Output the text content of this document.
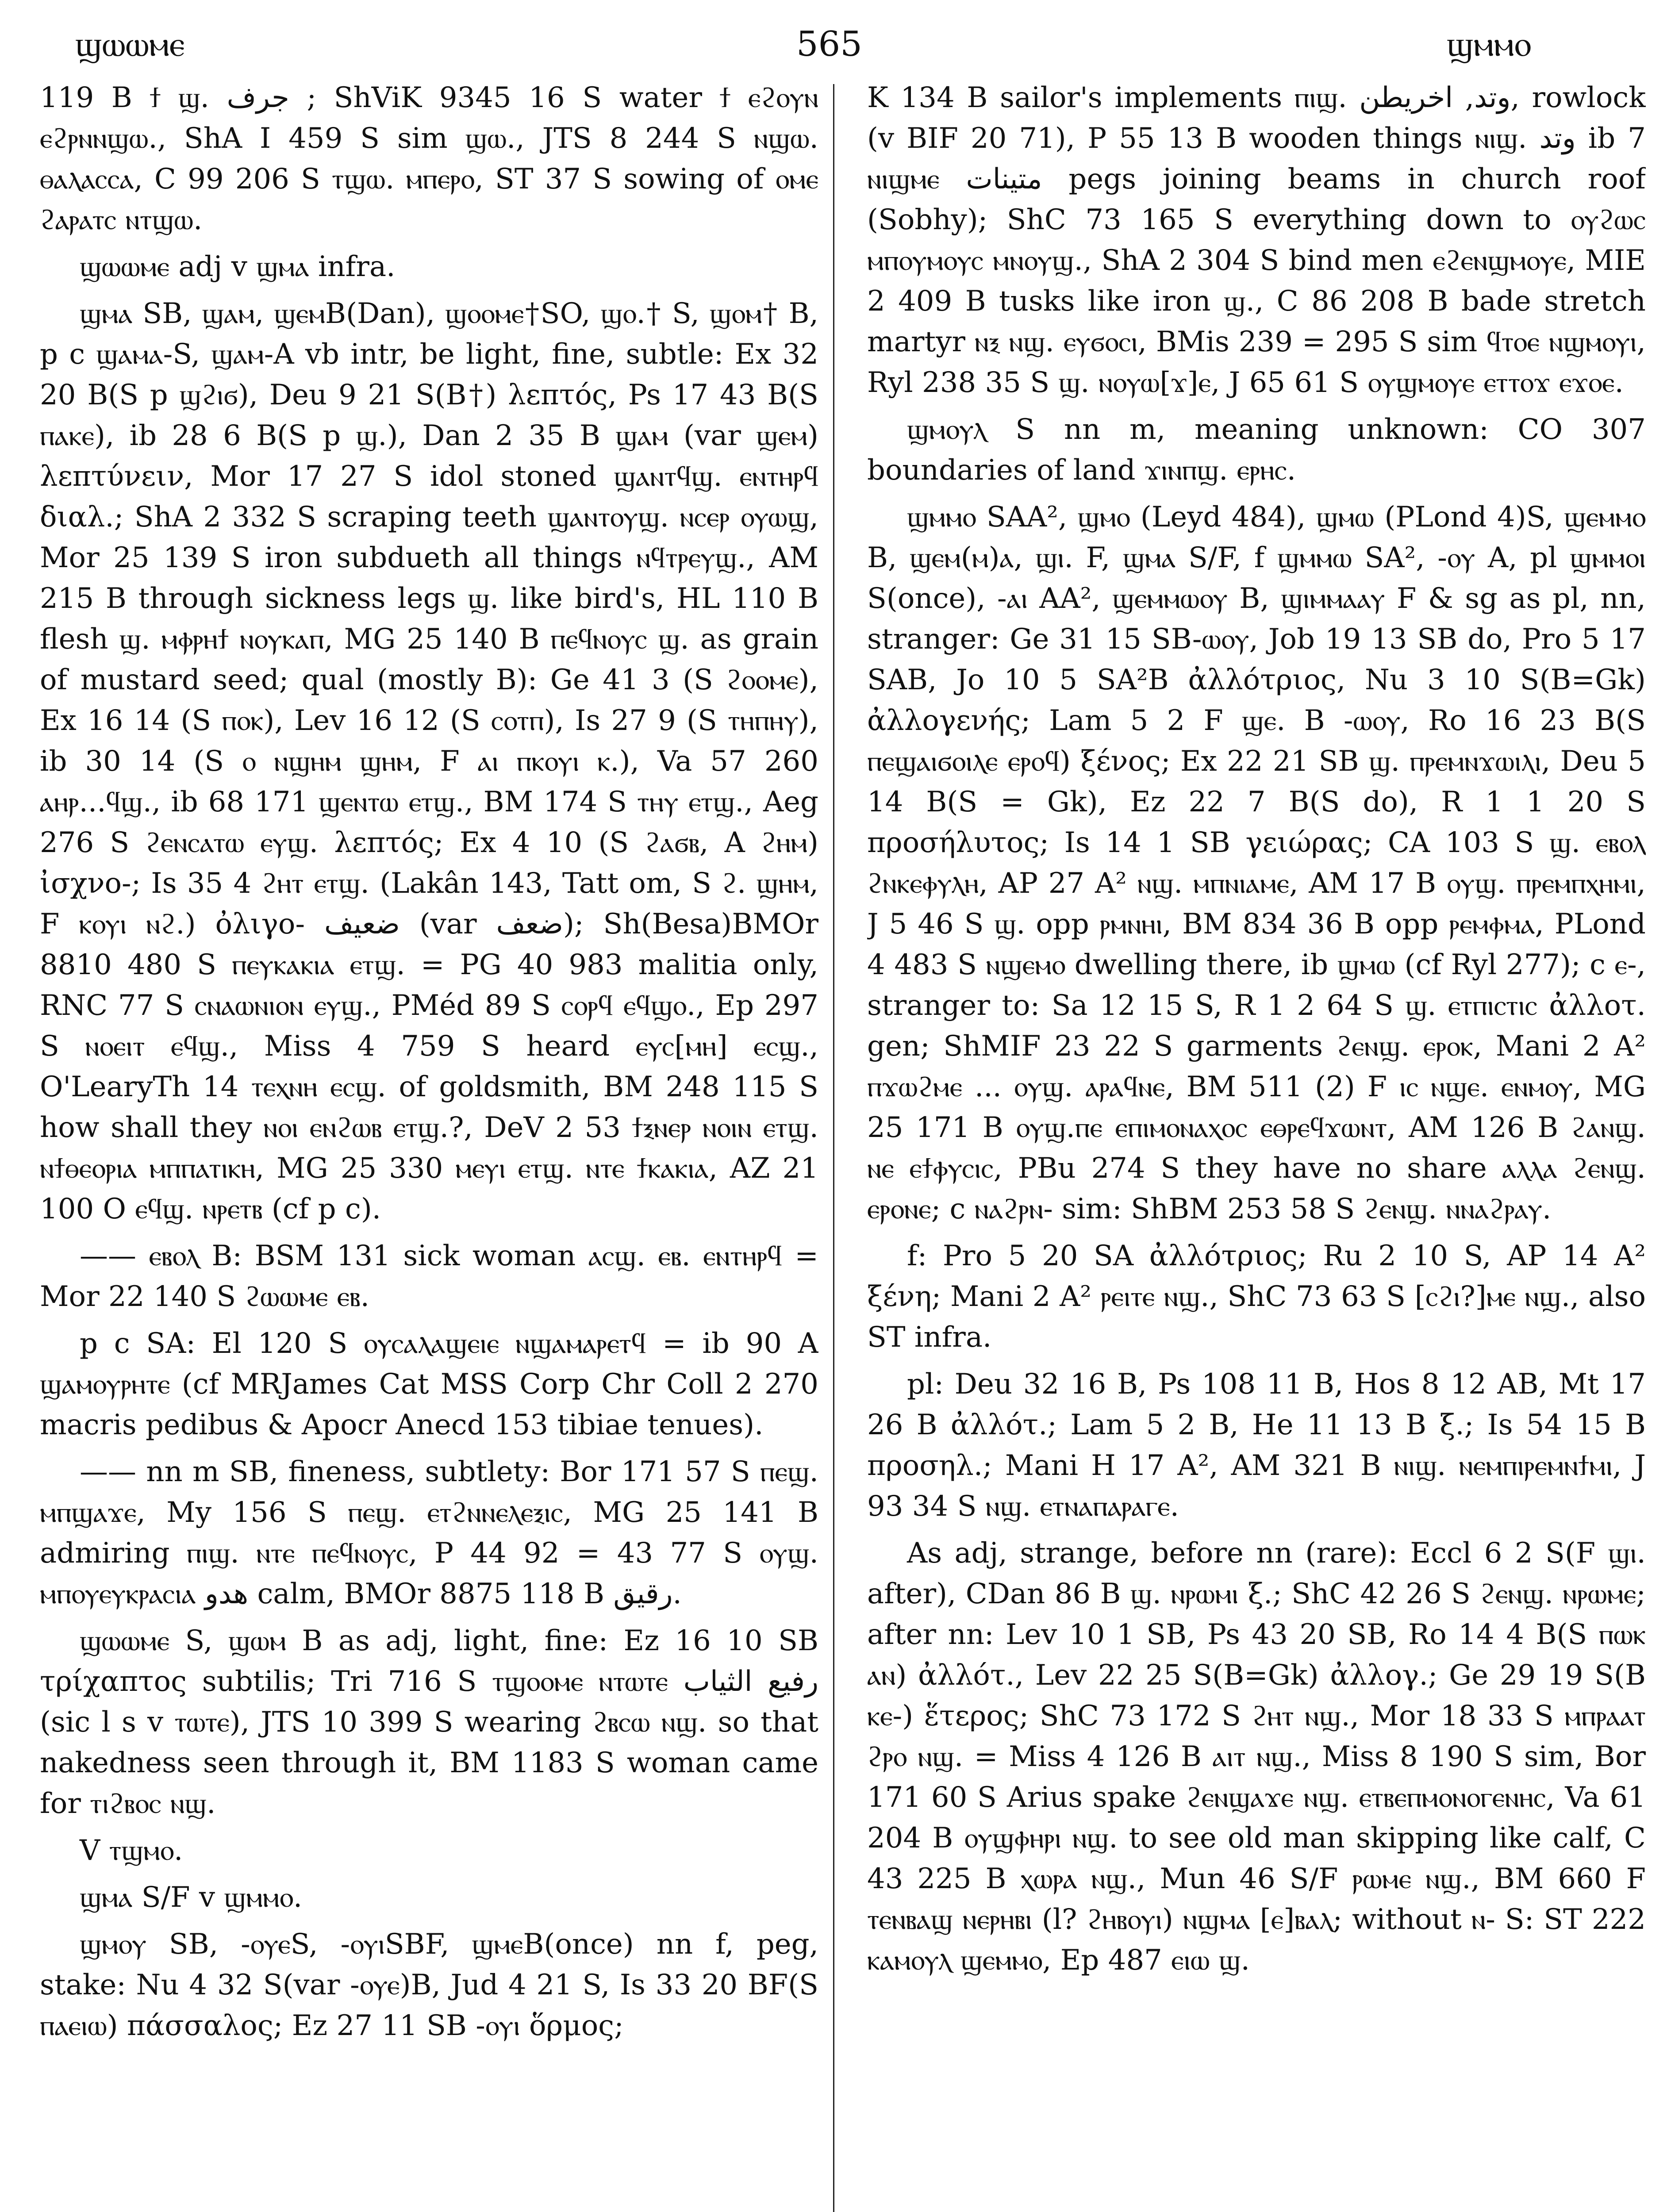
ϣⲱⲱⲙⲉ	565	ϣⲙⲙⲟ

119 B ϯ ϣ. جرف ; ShViK 9345 16 S water ϯ ⲉϩⲟⲩⲛ ⲉϩⲣⲛⲛϣⲱ., ShA I 459 S sim ϣⲱ., JTS 8 244 S ⲛϣⲱ. ⲑⲁⲗⲁⲥⲥⲁ, C 99 206 S ⲧϣⲱ. ⲙⲡⲉⲣⲟ, ST 37 S sowing of ⲟⲙⲉ ϩⲁⲣⲁⲧⲥ ⲛⲧϣⲱ.

ϣⲱⲱⲙⲉ adj v ϣⲙⲁ infra.

ϣⲙⲁ SB, ϣⲁⲙ, ϣⲉⲙB(Dan), ϣⲟⲟⲙⲉ†SO, ϣⲟ.† S, ϣⲟⲙ† B, p c ϣⲁⲙⲁ-S, ϣⲁⲙ-A vb intr, be light, fine, subtle: Ex 32 20 B(S p ϣϩⲓϭ), Deu 9 21 S(B†) λεπτός, Ps 17 43 B(S ⲡⲁⲕⲉ), ib 28 6 B(S p ϣ.), Dan 2 35 B ϣⲁⲙ (var ϣⲉⲙ) λεπτύνειν, Mor 17 27 S idol stoned ϣⲁⲛⲧϥϣ. ⲉⲛⲧⲏⲣϥ διαλ.; ShA 2 332 S scraping teeth ϣⲁⲛⲧⲟⲩϣ. ⲛⲥⲉⲣ ⲟⲩⲱϣ, Mor 25 139 S iron subdueth all things ⲛϥⲧⲣⲉⲩϣ., AM 215 B through sickness legs ϣ. like bird's, HL 110 B flesh ϣ. ⲙⲫⲣⲏϯ ⲛⲟⲩⲕⲁⲡ, MG 25 140 B ⲡⲉϥⲛⲟⲩⲥ ϣ. as grain of mustard seed; qual (mostly B): Ge 41 3 (S ϩⲟⲟⲙⲉ), Ex 16 14 (S ⲡⲟⲕ), Lev 16 12 (S ⲥⲟⲧⲡ), Is 27 9 (S ⲧⲏⲡⲏⲩ), ib 30 14 (S ⲟ ⲛϣⲏⲙ ϣⲏⲙ, F ⲁⲓ ⲡⲕⲟⲩⲓ ⲕ.), Va 57 260 ⲁⲏⲣ...ϥϣ., ib 68 171 ϣⲉⲛⲧⲱ ⲉⲧϣ., BM 174 S ⲧⲏⲩ ⲉⲧϣ., Aeg 276 S ϩⲉⲛⲥⲁⲧⲱ ⲉⲩϣ. λεπτός; Ex 4 10 (S ϩⲁϭⲃ, A ϩⲏⲙ) ἰσχνο-; Is 35 4 ϩⲏⲧ ⲉⲧϣ. (Lakân 143, Tatt om, S ϩ. ϣⲏⲙ, F ⲕⲟⲩⲓ ⲛϩ.) ὀλιγο- ضعيف (var ضعف); Sh(Besa)BMOr 8810 480 S ⲡⲉⲩⲕⲁⲕⲓⲁ ⲉⲧϣ. = PG 40 983 malitia only, RNC 77 S ⲥⲛⲁⲱⲛⲓⲟⲛ ⲉⲩϣ., PMéd 89 S ⲥⲟⲣϥ ⲉϥϣⲟ., Ep 297 S ⲛⲟⲉⲓⲧ ⲉϥϣ., Miss 4 759 S heard ⲉⲩⲥ[ⲙⲏ] ⲉⲥϣ., O'LearyTh 14 ⲧⲉⲭⲛⲏ ⲉⲥϣ. of goldsmith, BM 248 115 S how shall they ⲛⲟⲓ ⲉⲛϩⲱⲃ ⲉⲧϣ.?, DeV 2 53 ϯⲝⲛⲉⲣ ⲛⲟⲓⲛ ⲉⲧϣ. ⲛϯⲑⲉⲟⲣⲓⲁ ⲙⲡⲡⲁⲧⲓⲕⲏ, MG 25 330 ⲙⲉⲩⲓ ⲉⲧϣ. ⲛⲧⲉ ϯⲕⲁⲕⲓⲁ, AZ 21 100 O ⲉϥϣ. ⲛⲣⲉⲧⲃ (cf p c).

—— ⲉⲃⲟⲗ B: BSM 131 sick woman ⲁⲥϣ. ⲉⲃ. ⲉⲛⲧⲏⲣϥ = Mor 22 140 S ϩⲱⲱⲙⲉ ⲉⲃ.

p c SA: El 120 S ⲟⲩⲥⲁⲗⲁϣⲉⲓⲉ ⲛϣⲁⲙⲁⲣⲉⲧϥ = ib 90 A ϣⲁⲙⲟⲩⲣⲏⲧⲉ (cf MRJames Cat MSS Corp Chr Coll 2 270 macris pedibus & Apocr Anecd 153 tibiae tenues).

—— nn m SB, fineness, subtlety: Bor 171 57 S ⲡⲉϣ. ⲙⲡϣⲁϫⲉ, My 156 S ⲡⲉϣ. ⲉⲧϩⲛⲛⲉⲗⲉⲝⲓⲥ, MG 25 141 B admiring ⲡⲓϣ. ⲛⲧⲉ ⲡⲉϥⲛⲟⲩⲥ, P 44 92 = 43 77 S ⲟⲩϣ. ⲙⲡⲟⲩⲉⲩⲕⲣⲁⲥⲓⲁ هدو calm, BMOr 8875 118 B رقيق.

ϣⲱⲱⲙⲉ S, ϣⲱⲙ B as adj, light, fine: Ez 16 10 SB τρίχαπτος subtilis; Tri 716 S ⲧϣⲟⲟⲙⲉ ⲛⲧⲱⲧⲉ رفيع الثياب (sic l s v ⲧⲱⲧⲉ), JTS 10 399 S wearing ϩⲃⲥⲱ ⲛϣ. so that nakedness seen through it, BM 1183 S woman came for ⲧⲓϩⲃⲟⲥ ⲛϣ.

V ⲧϣⲙⲟ.

ϣⲙⲁ S/F v ϣⲙⲙⲟ.

ϣⲙⲟⲩ SB, -ⲟⲩⲉS, -ⲟⲩⲓSBF, ϣⲙⲉB(once) nn f, peg, stake: Nu 4 32 S(var -ⲟⲩⲉ)B, Jud 4 21 S, Is 33 20 BF(S ⲡⲁⲉⲓⲱ) πάσσαλος; Ez 27 11 SB -ⲟⲩⲓ ὅρμος;

K 134 B sailor's implements ⲡⲓϣ. وتد, اخريطن, rowlock (v BIF 20 71), P 55 13 B wooden things ⲛⲓϣ. وتد ib 7 ⲛⲓϣⲙⲉ متينات pegs joining beams in church roof (Sobhy); ShC 73 165 S everything down to ⲟⲩϩⲱⲥ ⲙⲡⲟⲩⲙⲟⲩⲥ ⲙⲛⲟⲩϣ., ShA 2 304 S bind men ⲉϩⲉⲛϣⲙⲟⲩⲉ, MIE 2 409 B tusks like iron ϣ., C 86 208 B bade stretch martyr ⲛⲝ ⲛϣ. ⲉⲩϭⲟⲥⲓ, BMis 239 = 295 S sim ϥⲧⲟⲉ ⲛϣⲙⲟⲩⲓ, Ryl 238 35 S ϣ. ⲛⲟⲩⲱ[ϫ]ⲉ, J 65 61 S ⲟⲩϣⲙⲟⲩⲉ ⲉⲧⲧⲟϫ ⲉϫⲟⲉ.

ϣⲙⲟⲩⲗ S nn m, meaning unknown: CO 307 boundaries of land ϫⲓⲛⲡϣ. ⲉⲣⲏⲥ.

ϣⲙⲙⲟ SAA², ϣⲙⲟ (Leyd 484), ϣⲙⲱ (PLond 4)S, ϣⲉⲙⲙⲟ B, ϣⲉⲙ(ⲙ)ⲁ, ϣⲓ. F, ϣⲙⲁ S/F, f ϣⲙⲙⲱ SA², -ⲟⲩ A, pl ϣⲙⲙⲟⲓ S(once), -ⲁⲓ AA², ϣⲉⲙⲙⲱⲟⲩ B, ϣⲓⲙⲙⲁⲁⲩ F & sg as pl, nn, stranger: Ge 31 15 SB-ⲱⲟⲩ, Job 19 13 SB do, Pro 5 17 SAB, Jo 10 5 SA²B ἀλλότριος, Nu 3 10 S(B=Gk) ἀλλογενής; Lam 5 2 F ϣⲉ. B -ⲱⲟⲩ, Ro 16 23 B(S ⲡⲉϣⲁⲓϭⲟⲓⲗⲉ ⲉⲣⲟϥ) ξένος; Ex 22 21 SB ϣ. ⲡⲣⲉⲙⲛϫⲱⲓⲗⲓ, Deu 5 14 B(S = Gk), Ez 22 7 B(S do), R 1 1 20 S προσήλυτος; Is 14 1 SB γειώρας; CA 103 S ϣ. ⲉⲃⲟⲗ ϩⲛⲕⲉⲫⲩⲗⲏ, AP 27 A² ⲛϣ. ⲙⲡⲛⲓⲁⲙⲉ, AM 17 B ⲟⲩϣ. ⲡⲣⲉⲙⲡⲭⲏⲙⲓ, J 5 46 S ϣ. opp ⲣⲙⲛⲏⲓ, BM 834 36 B opp ⲣⲉⲙⲫⲙⲁ, PLond 4 483 S ⲛϣⲉⲙⲟ dwelling there, ib ϣⲙⲱ (cf Ryl 277); c ⲉ-, stranger to: Sa 12 15 S, R 1 2 64 S ϣ. ⲉⲧⲡⲓⲥⲧⲓⲥ ἀλλοτ. gen; ShMIF 23 22 S garments ϩⲉⲛϣ. ⲉⲣⲟⲕ, Mani 2 A² ⲡϫⲱϩⲙⲉ ... ⲟⲩϣ. ⲁⲣⲁϥⲛⲉ, BM 511 (2) F ⲓⲥ ⲛϣⲉ. ⲉⲛⲙⲟⲩ, MG 25 171 B ⲟⲩϣ.ⲡⲉ ⲉⲡⲓⲙⲟⲛⲁⲭⲟⲥ ⲉⲑⲣⲉϥϫⲱⲛⲧ, AM 126 B ϩⲁⲛϣ. ⲛⲉ ⲉϯⲫⲩⲥⲓⲥ, PBu 274 S they have no share ⲁⲗⲗⲁ ϩⲉⲛϣ. ⲉⲣⲟⲛⲉ; c ⲛⲁϩⲣⲛ- sim: ShBM 253 58 S ϩⲉⲛϣ. ⲛⲛⲁϩⲣⲁⲩ.

f: Pro 5 20 SA ἀλλότριος; Ru 2 10 S, AP 14 A² ξένη; Mani 2 A² ⲣⲉⲓⲧⲉ ⲛϣ., ShC 73 63 S [ⲥϩⲓ?]ⲙⲉ ⲛϣ., also ST infra.

pl: Deu 32 16 B, Ps 108 11 B, Hos 8 12 AB, Mt 17 26 B ἀλλότ.; Lam 5 2 B, He 11 13 B ξ.; Is 54 15 B προσηλ.; Mani H 17 A², AM 321 B ⲛⲓϣ. ⲛⲉⲙⲡⲓⲣⲉⲙⲛϯⲙⲓ, J 93 34 S ⲛϣ. ⲉⲧⲛⲁⲡⲁⲣⲁⲅⲉ.

As adj, strange, before nn (rare): Eccl 6 2 S(F ϣⲓ. after), CDan 86 B ϣ. ⲛⲣⲱⲙⲓ ξ.; ShC 42 26 S ϩⲉⲛϣ. ⲛⲣⲱⲙⲉ; after nn: Lev 10 1 SB, Ps 43 20 SB, Ro 14 4 B(S ⲡⲱⲕ ⲁⲛ) ἀλλότ., Lev 22 25 S(B=Gk) ἀλλογ.; Ge 29 19 S(B ⲕⲉ-) ἕτερος; ShC 73 172 S ϩⲏⲧ ⲛϣ., Mor 18 33 S ⲙⲡⲣⲁⲁⲧ ϩⲣⲟ ⲛϣ. = Miss 4 126 B ⲁⲓⲧ ⲛϣ., Miss 8 190 S sim, Bor 171 60 S Arius spake ϩⲉⲛϣⲁϫⲉ ⲛϣ. ⲉⲧⲃⲉⲡⲙⲟⲛⲟⲅⲉⲛⲏⲥ, Va 61 204 B ⲟⲩϣⲫⲏⲣⲓ ⲛϣ. to see old man skipping like calf, C 43 225 B ⲭⲱⲣⲁ ⲛϣ., Mun 46 S/F ⲣⲱⲙⲉ ⲛϣ., BM 660 F ⲧⲉⲛⲃⲁϣ ⲛⲉⲣⲏⲃⲓ (l? ϩⲏⲃⲟⲩⲓ) ⲛϣⲙⲁ [ⲉ]ⲃⲁⲗ; without ⲛ- S: ST 222 ⲕⲁⲙⲟⲩⲗ ϣⲉⲙⲙⲟ, Ep 487 ⲉⲓⲱ ϣ.
